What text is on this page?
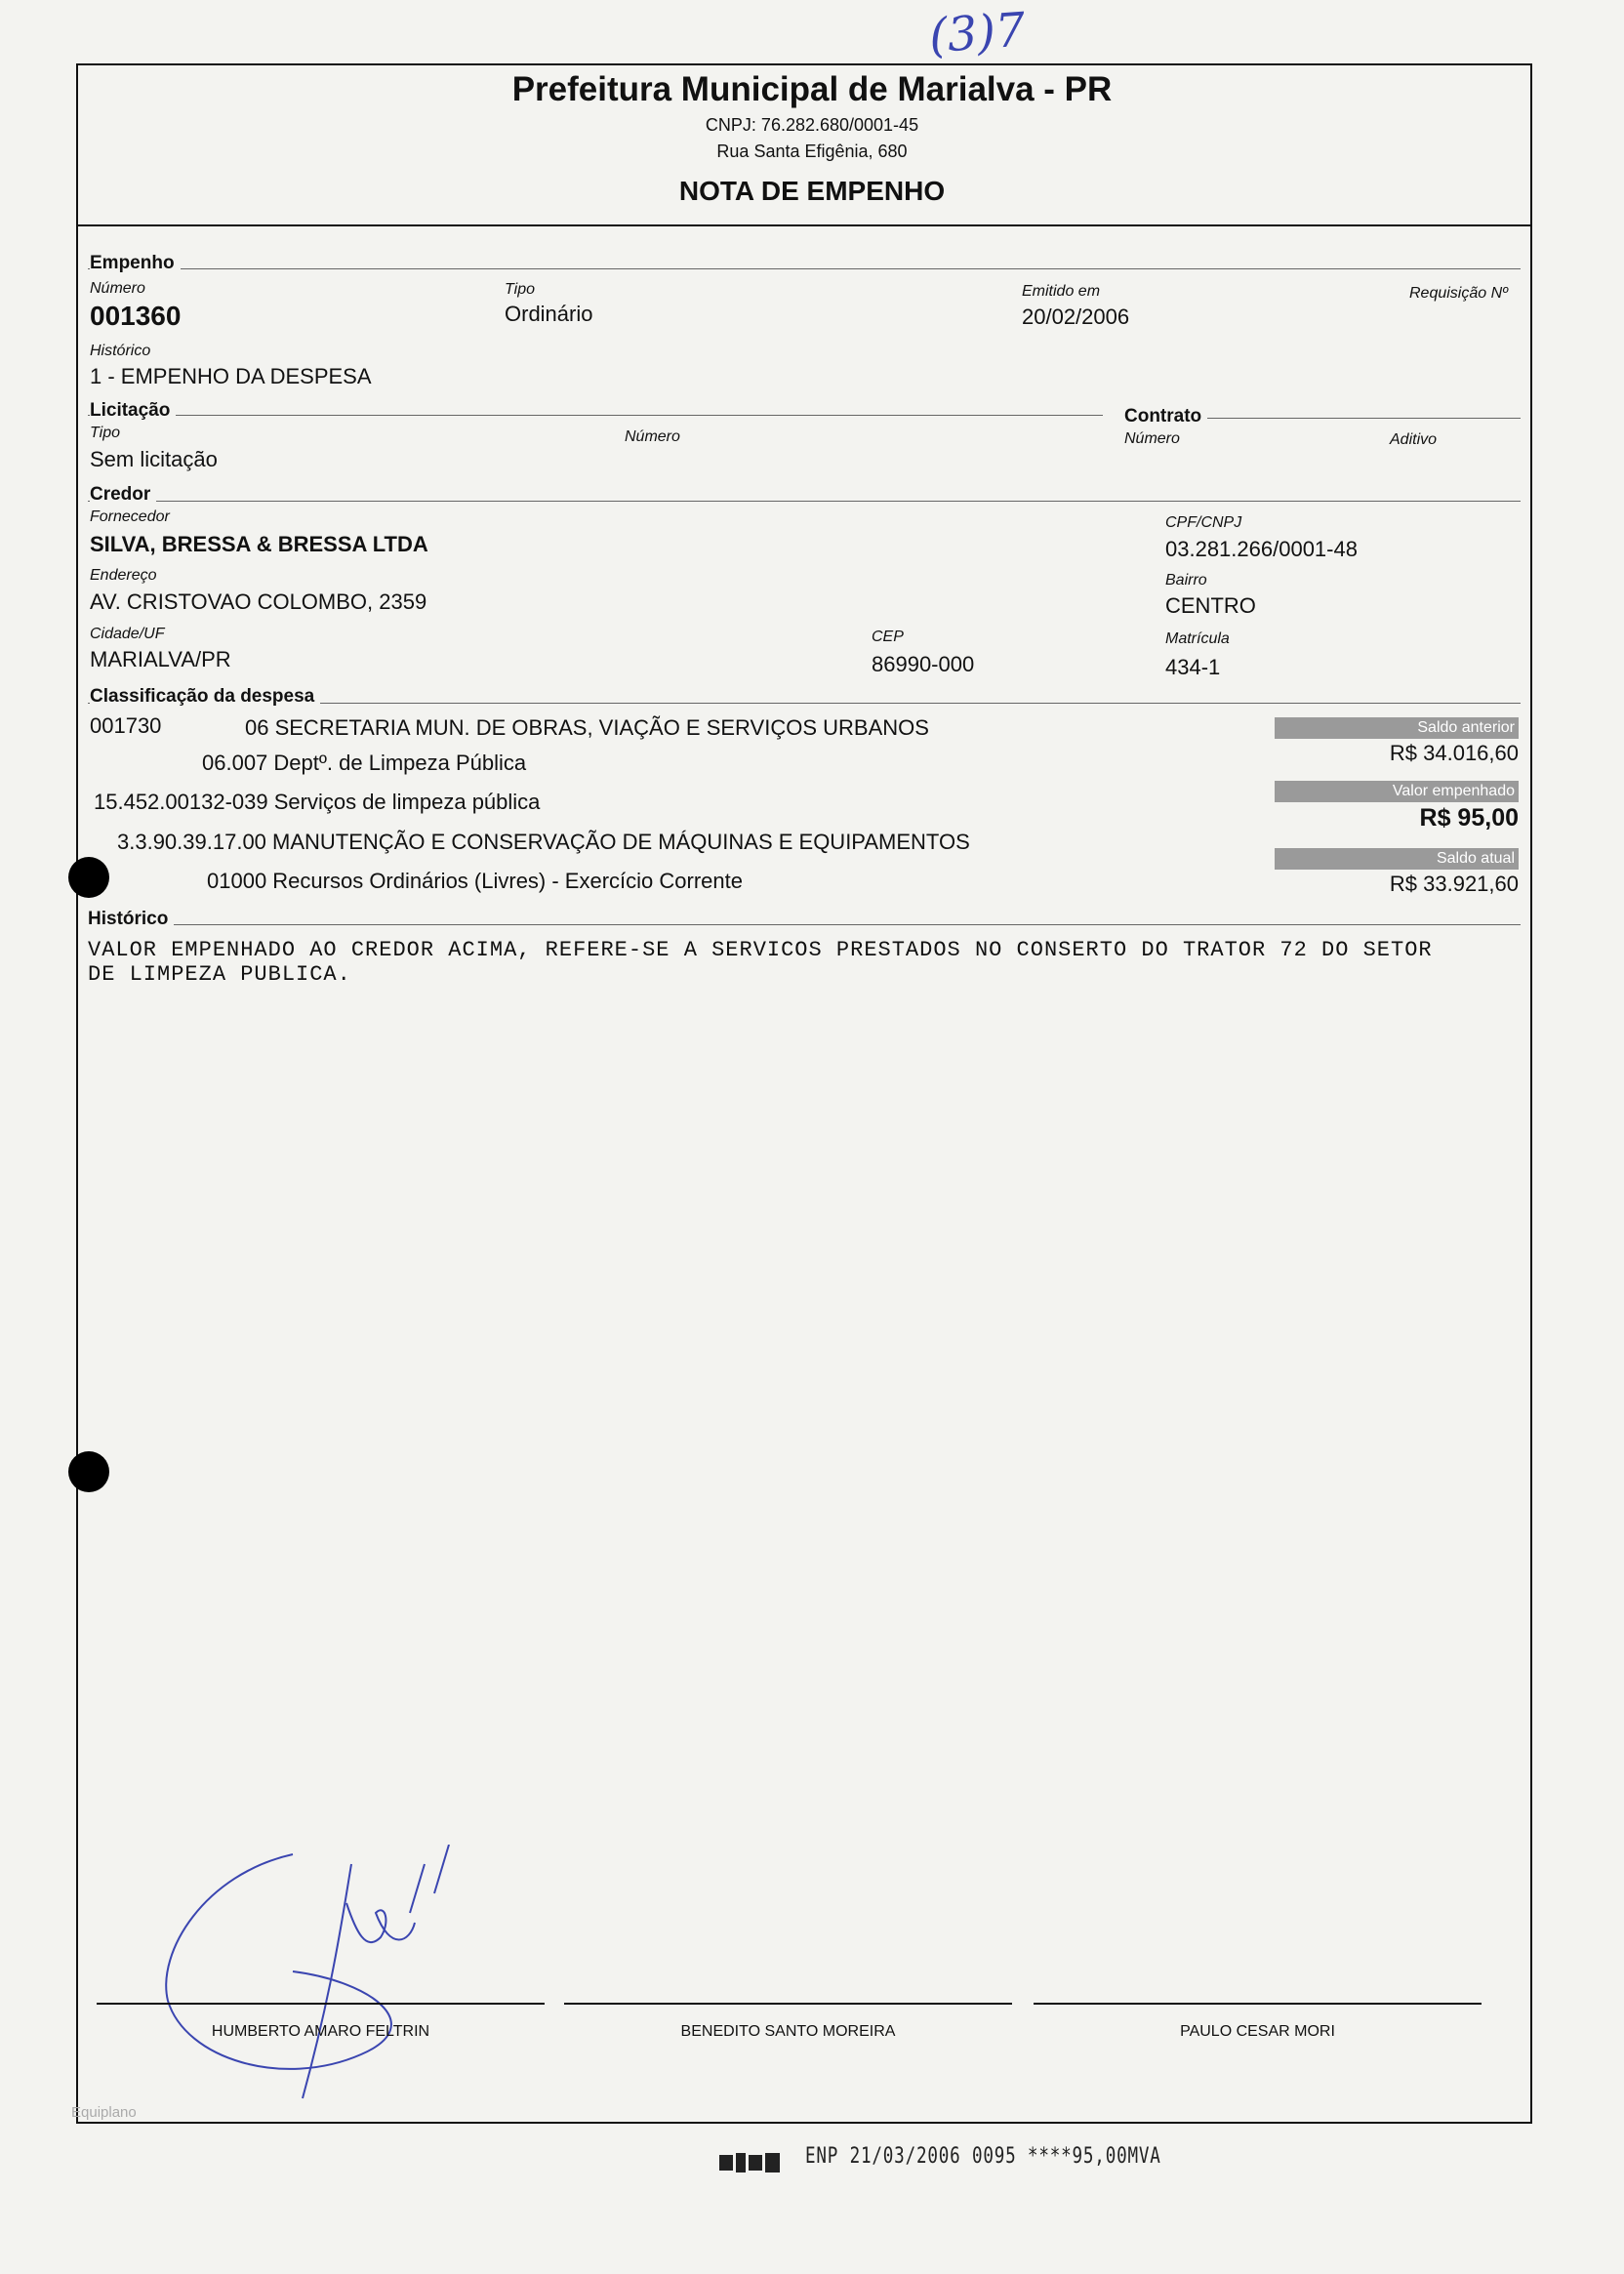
(3)7
Prefeitura Municipal de Marialva - PR
CNPJ: 76.282.680/0001-45
Rua Santa Efigênia, 680
NOTA DE EMPENHO
Empenho
Número
001360
Tipo
Ordinário
Emitido em
20/02/2006
Requisição Nº
Histórico
1 - EMPENHO DA DESPESA
Licitação	Contrato
Tipo
Sem licitação
Número	Número	Aditivo
Credor
Fornecedor
SILVA, BRESSA & BRESSA LTDA
CPF/CNPJ
03.281.266/0001-48
Endereço
AV. CRISTOVAO COLOMBO, 2359
Bairro
CENTRO
Cidade/UF
MARIALVA/PR
CEP
86990-000
Matrícula
434-1
Classificação da despesa
001730	06 SECRETARIA MUN. DE OBRAS, VIAÇÃO E SERVIÇOS URBANOS
06.007 Deptº. de Limpeza Pública
15.452.00132-039 Serviços de limpeza pública
3.3.90.39.17.00 MANUTENÇÃO E CONSERVAÇÃO DE MÁQUINAS E EQUIPAMENTOS
01000 Recursos Ordinários (Livres) - Exercício Corrente
Saldo anterior
R$ 34.016,60
Valor empenhado
R$ 95,00
Saldo atual
R$ 33.921,60
Histórico
VALOR EMPENHADO AO CREDOR ACIMA, REFERE-SE A SERVICOS PRESTADOS NO CONSERTO DO TRATOR 72 DO SETOR
DE LIMPEZA PUBLICA.
HUMBERTO AMARO FELTRIN	BENEDITO SANTO MOREIRA	PAULO CESAR MORI
Equiplano
ENP 21/03/2006 0095 ****95,00MVA
